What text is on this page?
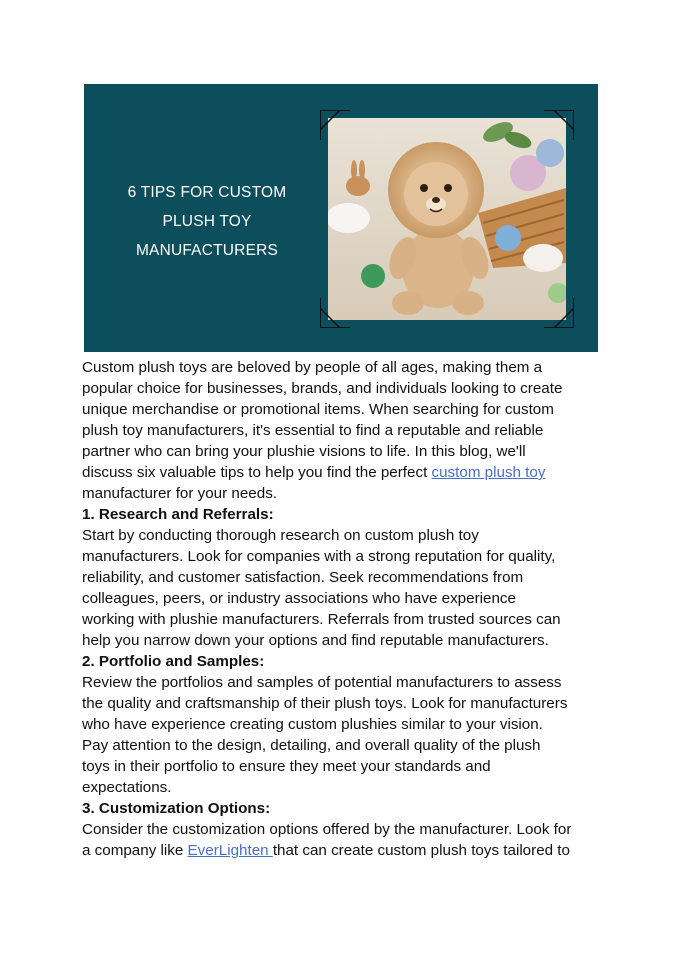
6 TIPS FOR CUSTOM
PLUSH TOY
MANUFACTURERS

Custom plush toys are beloved by people of all ages, making them a
popular choice for businesses, brands, and individuals looking to create
unique merchandise or promotional items. When searching for custom
plush toy manufacturers, it's essential to find a reputable and reliable
partner who can bring your plushie visions to life. In this blog, we'll
discuss six valuable tips to help you find the perfect custom plush toy
manufacturer for your needs.

1. Research and Referrals:

Start by conducting thorough research on custom plush toy
manufacturers. Look for companies with a strong reputation for quality,
reliability, and customer satisfaction. Seek recommendations from
colleagues, peers, or industry associations who have experience
working with plushie manufacturers. Referrals from trusted sources can
help you narrow down your options and find reputable manufacturers.

2. Portfolio and Samples:

Review the portfolios and samples of potential manufacturers to assess
the quality and craftsmanship of their plush toys. Look for manufacturers
who have experience creating custom plushies similar to your vision.
Pay attention to the design, detailing, and overall quality of the plush
toys in their portfolio to ensure they meet your standards and
expectations.

3. Customization Options:

Consider the customization options offered by the manufacturer. Look for
a company like EverLighten that can create custom plush toys tailored to
